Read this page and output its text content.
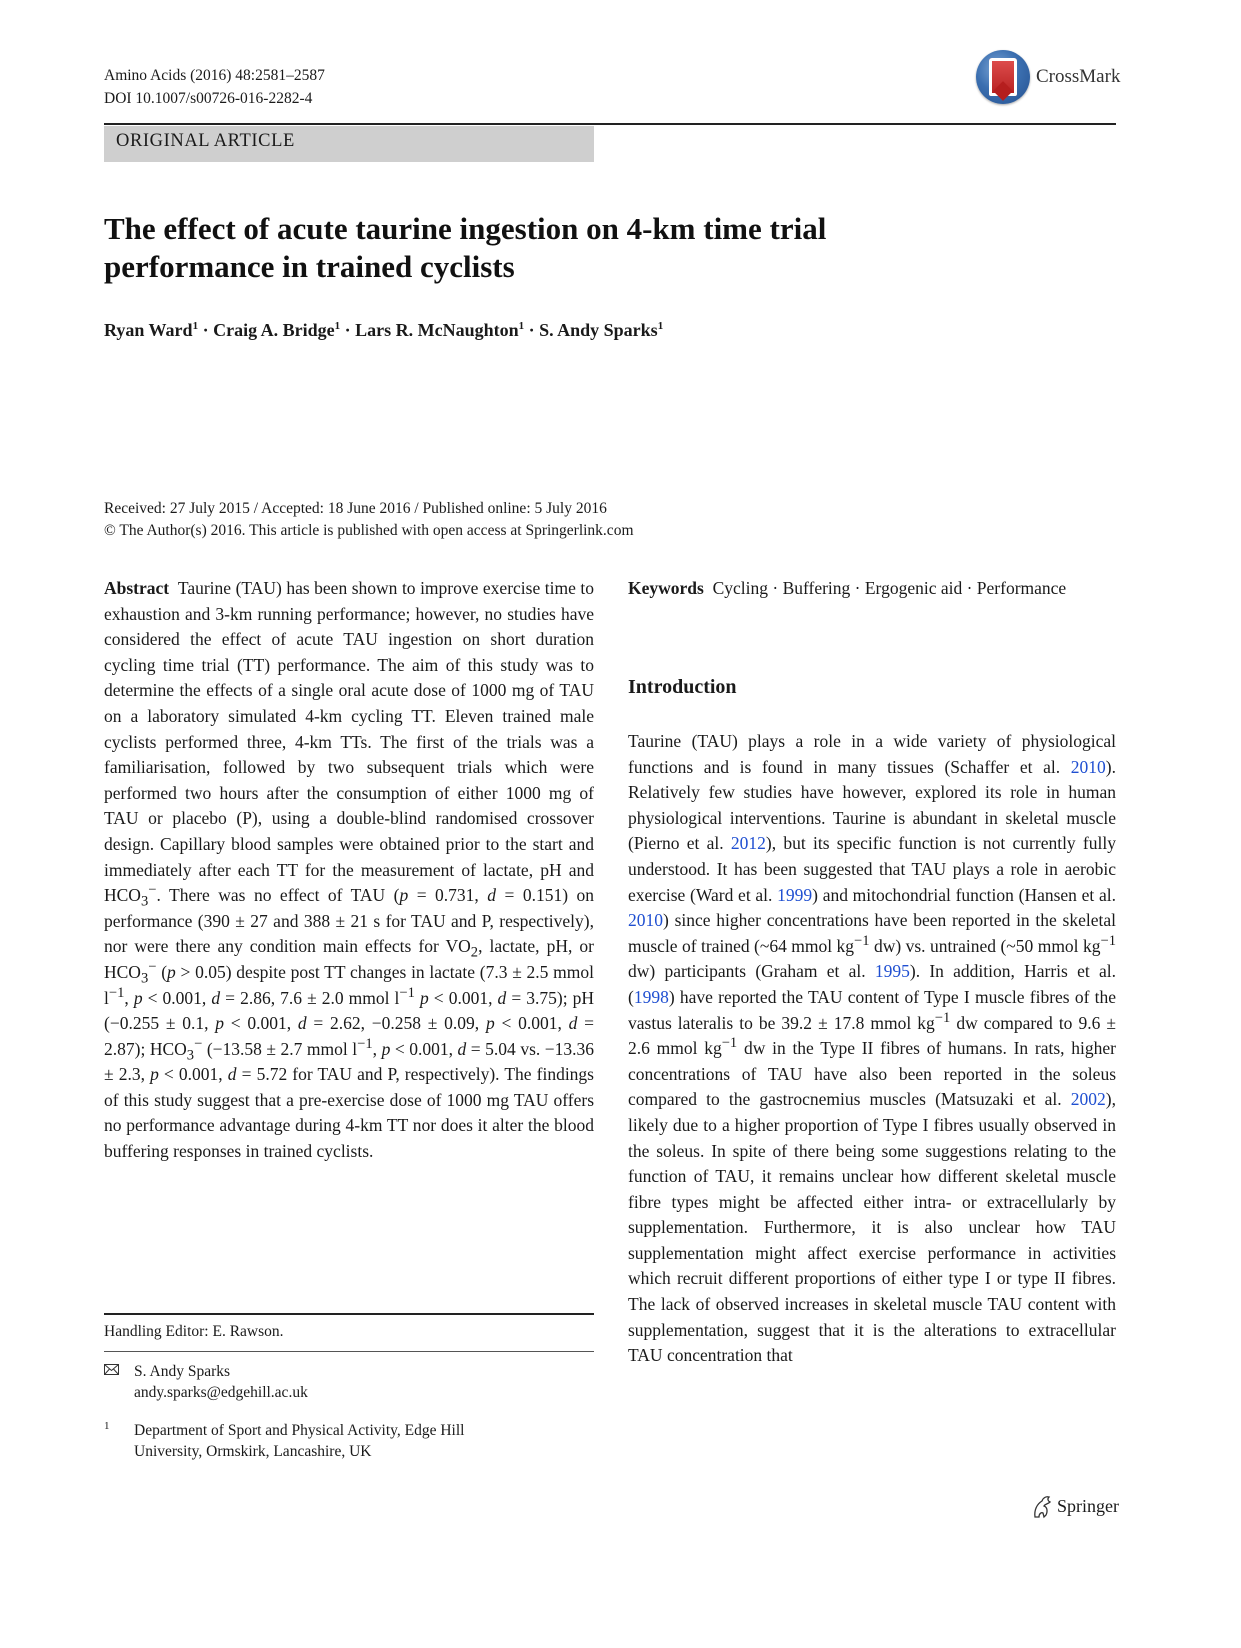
Amino Acids (2016) 48:2581–2587
DOI 10.1007/s00726-016-2282-4
CrossMark
ORIGINAL ARTICLE
The effect of acute taurine ingestion on 4-km time trial
performance in trained cyclists
Ryan Ward$^1$ · Craig A. Bridge$^1$ · Lars R. McNaughton$^1$ · S. Andy Sparks$^1$
Received: 27 July 2015 / Accepted: 18 June 2016 / Published online: 5 July 2016
© The Author(s) 2016. This article is published with open access at Springerlink.com
Abstract Taurine (TAU) has been shown to improve exercise time to exhaustion and 3-km running performance; however, no studies have considered the effect of acute TAU ingestion on short duration cycling time trial (TT) performance. The aim of this study was to determine the effects of a single oral acute dose of 1000 mg of TAU on a laboratory simulated 4-km cycling TT. Eleven trained male cyclists performed three, 4-km TTs. The first of the trials was a familiarisation, followed by two subsequent trials which were performed two hours after the consumption of either 1000 mg of TAU or placebo (P), using a double-blind randomised crossover design. Capillary blood samples were obtained prior to the start and immediately after each TT for the measurement of lactate, pH and $HCO_3^-$. There was no effect of TAU (p = 0.731, d = 0.151) on performance (390 ± 27 and 388 ± 21 s for TAU and P, respectively), nor were there any condition main effects for $VO_2$, lactate, pH, or $HCO_3^-$ (p > 0.05) despite post TT changes in lactate (7.3 ± 2.5 mmol $l^{-1}$, p < 0.001, d = 2.86, 7.6 ± 2.0 mmol $l^{-1}$ p < 0.001, d = 3.75); pH (−0.255 ± 0.1, p < 0.001, d = 2.62, −0.258 ± 0.09, p < 0.001, d = 2.87); $HCO_3^-$ (−13.58 ± 2.7 mmol $l^{-1}$, p < 0.001, d = 5.04 vs. −13.36 ± 2.3, p < 0.001, d = 5.72 for TAU and P, respectively). The findings of this study suggest that a pre-exercise dose of 1000 mg TAU offers no performance advantage during 4-km TT nor does it alter the blood buffering responses in trained cyclists.
Keywords Cycling · Buffering · Ergogenic aid · Performance
Introduction
Taurine (TAU) plays a role in a wide variety of physiological functions and is found in many tissues (Schaffer et al. 2010). Relatively few studies have however, explored its role in human physiological interventions. Taurine is abundant in skeletal muscle (Pierno et al. 2012), but its specific function is not currently fully understood. It has been suggested that TAU plays a role in aerobic exercise (Ward et al. 1999) and mitochondrial function (Hansen et al. 2010) since higher concentrations have been reported in the skeletal muscle of trained (~64 mmol $kg^{-1}$ dw) vs. untrained (~50 mmol $kg^{-1}$ dw) participants (Graham et al. 1995). In addition, Harris et al. (1998) have reported the TAU content of Type I muscle fibres of the vastus lateralis to be 39.2 ± 17.8 mmol $kg^{-1}$ dw compared to 9.6 ± 2.6 mmol $kg^{-1}$ dw in the Type II fibres of humans. In rats, higher concentrations of TAU have also been reported in the soleus compared to the gastrocnemius muscles (Matsuzaki et al. 2002), likely due to a higher proportion of Type I fibres usually observed in the soleus. In spite of there being some suggestions relating to the function of TAU, it remains unclear how different skeletal muscle fibre types might be affected either intra- or extracellularly by supplementation. Furthermore, it is also unclear how TAU supplementation might affect exercise performance in activities which recruit different proportions of either type I or type II fibres. The lack of observed increases in skeletal muscle TAU content with supplementation, suggest that it is the alterations to extracellular TAU concentration that
Handling Editor: E. Rawson.
S. Andy Sparks
andy.sparks@edgehill.ac.uk
1 Department of Sport and Physical Activity, Edge Hill
University, Ormskirk, Lancashire, UK
Springer
